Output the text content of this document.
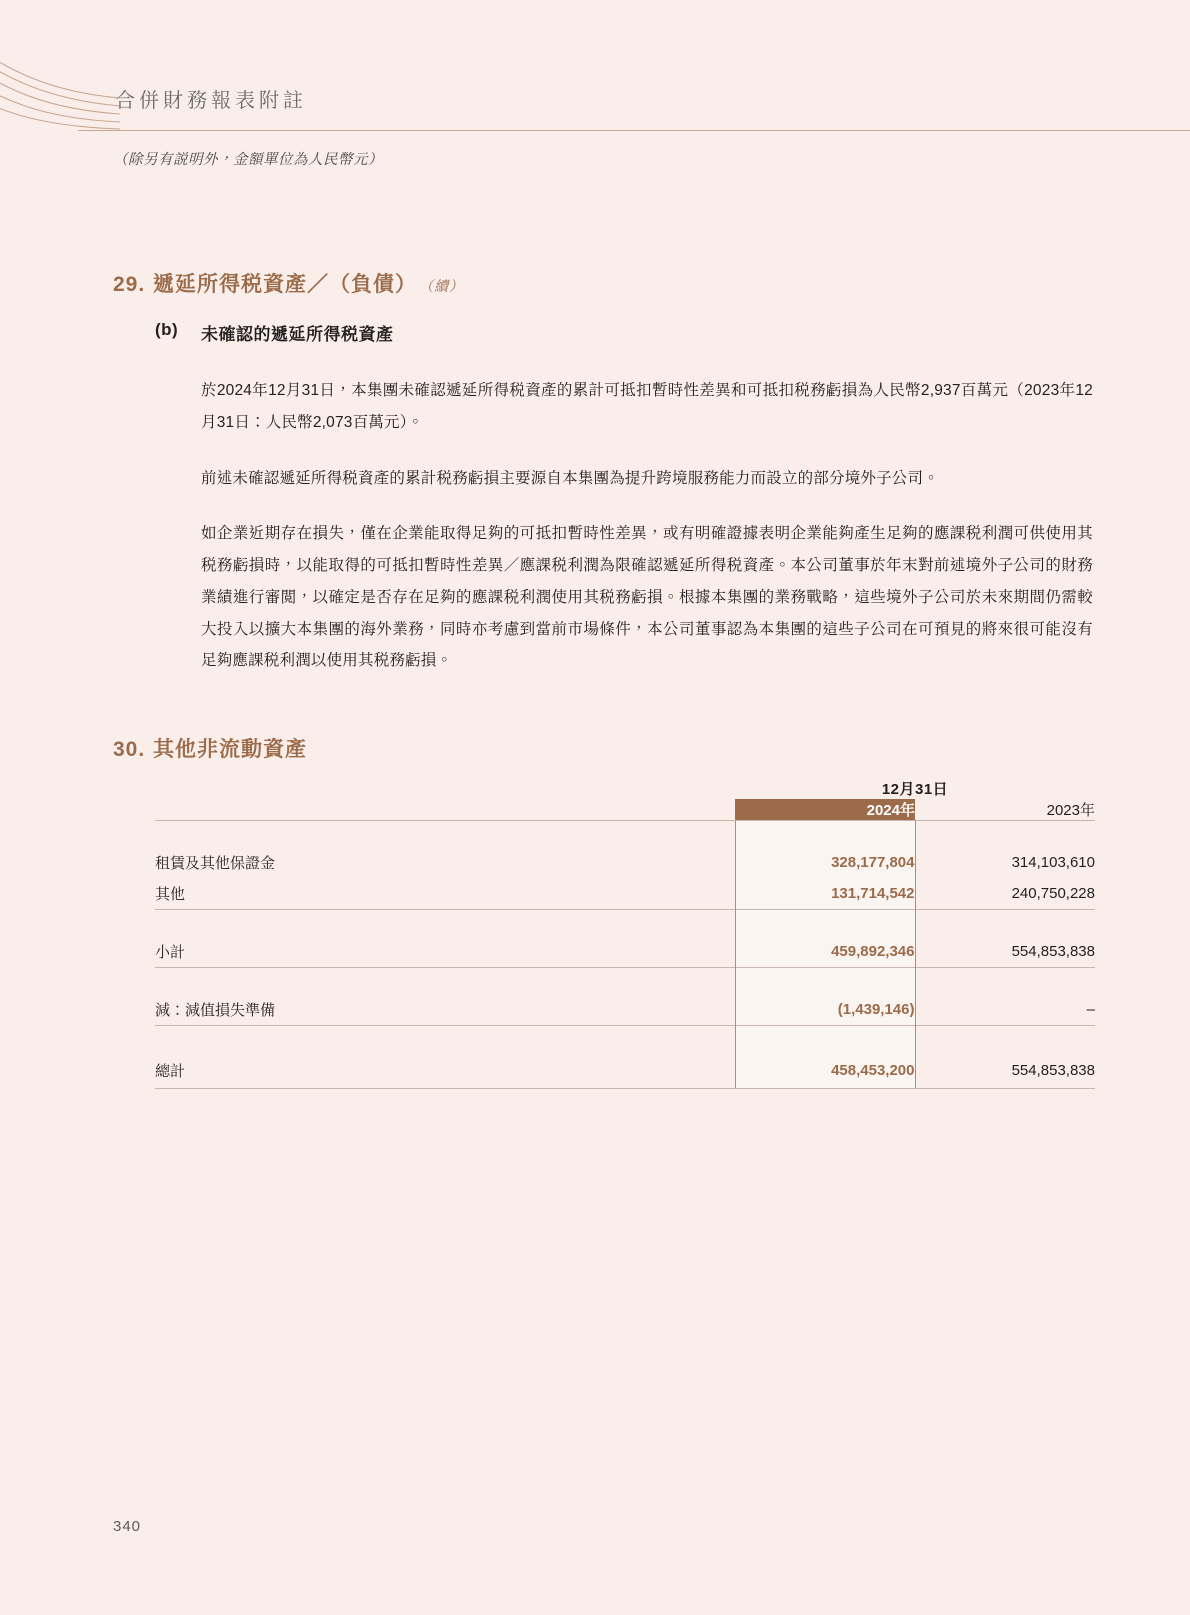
合併財務報表附註
（除另有説明外，金額單位為人民幣元）
29. 遞延所得税資產／（負債） （續）
(b)	未確認的遞延所得税資產
於2024年12月31日，本集團未確認遞延所得税資產的累計可抵扣暫時性差異和可抵扣税務虧損為人民幣2,937百萬元（2023年12月31日：人民幣2,073百萬元）。
前述未確認遞延所得税資產的累計税務虧損主要源自本集團為提升跨境服務能力而設立的部分境外子公司。
如企業近期存在損失，僅在企業能取得足夠的可抵扣暫時性差異，或有明確證據表明企業能夠產生足夠的應課税利潤可供使用其税務虧損時，以能取得的可抵扣暫時性差異／應課税利潤為限確認遞延所得税資產。本公司董事於年末對前述境外子公司的財務業績進行審閲，以確定是否存在足夠的應課税利潤使用其税務虧損。根據本集團的業務戰略，這些境外子公司於未來期間仍需較大投入以擴大本集團的海外業務，同時亦考慮到當前市場條件，本公司董事認為本集團的這些子公司在可預見的將來很可能沒有足夠應課税利潤以使用其税務虧損。
30. 其他非流動資產
	12月31日	
	2024年	2023年

租賃及其他保證金	328,177,804	314,103,610
其他	131,714,542	240,750,228

小計	459,892,346	554,853,838

減：減值損失準備	(1,439,146)	–

總計	458,453,200	554,853,838
340
